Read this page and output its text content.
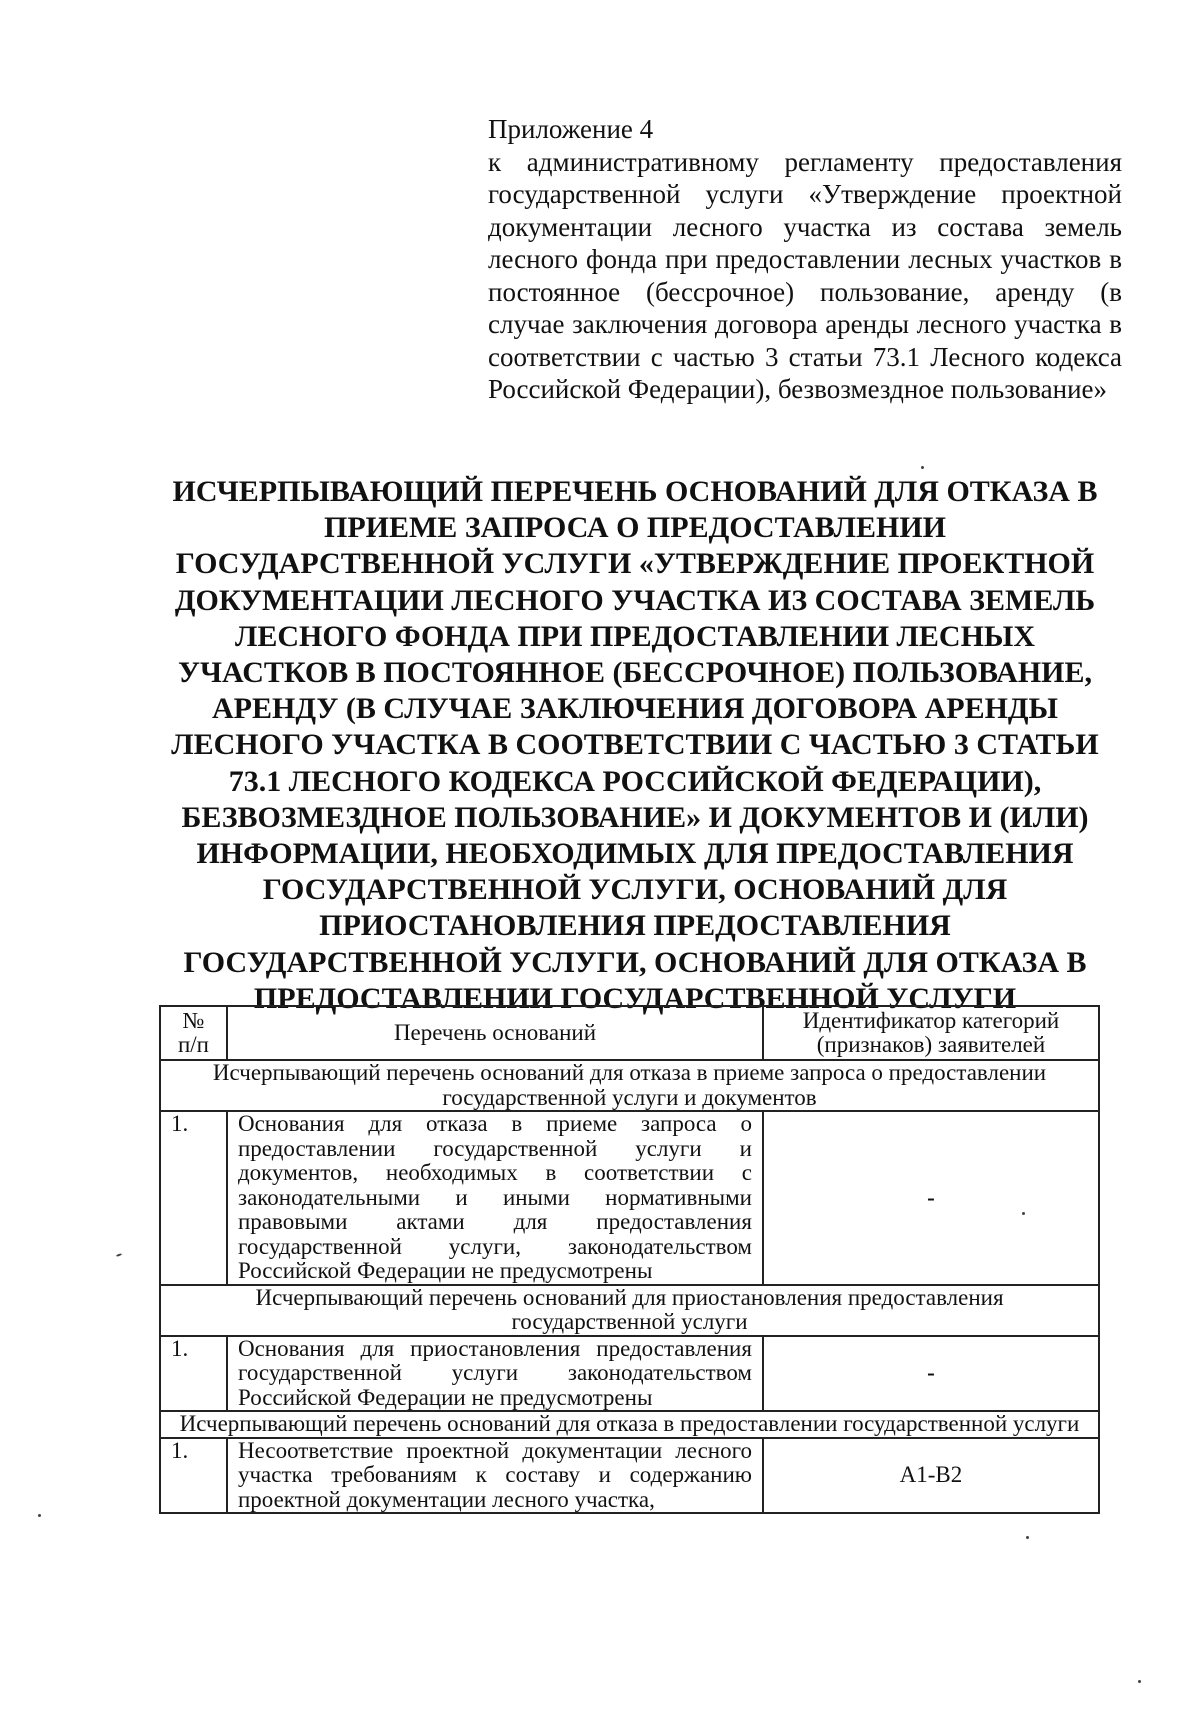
Приложение 4
к административному регламенту предоставления государственной услуги «Утверждение проектной документации лесного участка из состава земель лесного фонда при предоставлении лесных участков в постоянное (бессрочное) пользование, аренду (в случае заключения договора аренды лесного участка в соответствии с частью 3 статьи 73.1 Лесного кодекса Российской Федерации), безвозмездное пользование»
ИСЧЕРПЫВАЮЩИЙ ПЕРЕЧЕНЬ ОСНОВАНИЙ ДЛЯ ОТКАЗА В ПРИЕМЕ ЗАПРОСА О ПРЕДОСТАВЛЕНИИ ГОСУДАРСТВЕННОЙ УСЛУГИ «УТВЕРЖДЕНИЕ ПРОЕКТНОЙ ДОКУМЕНТАЦИИ ЛЕСНОГО УЧАСТКА ИЗ СОСТАВА ЗЕМЕЛЬ ЛЕСНОГО ФОНДА ПРИ ПРЕДОСТАВЛЕНИИ ЛЕСНЫХ УЧАСТКОВ В ПОСТОЯННОЕ (БЕССРОЧНОЕ) ПОЛЬЗОВАНИЕ, АРЕНДУ (В СЛУЧАЕ ЗАКЛЮЧЕНИЯ ДОГОВОРА АРЕНДЫ ЛЕСНОГО УЧАСТКА В СООТВЕТСТВИИ С ЧАСТЬЮ 3 СТАТЬИ 73.1 ЛЕСНОГО КОДЕКСА РОССИЙСКОЙ ФЕДЕРАЦИИ), БЕЗВОЗМЕЗДНОЕ ПОЛЬЗОВАНИЕ» И ДОКУМЕНТОВ И (ИЛИ) ИНФОРМАЦИИ, НЕОБХОДИМЫХ ДЛЯ ПРЕДОСТАВЛЕНИЯ ГОСУДАРСТВЕННОЙ УСЛУГИ, ОСНОВАНИЙ ДЛЯ ПРИОСТАНОВЛЕНИЯ ПРЕДОСТАВЛЕНИЯ ГОСУДАРСТВЕННОЙ УСЛУГИ, ОСНОВАНИЙ ДЛЯ ОТКАЗА В ПРЕДОСТАВЛЕНИИ ГОСУДАРСТВЕННОЙ УСЛУГИ
№ п/п	Перечень оснований	Идентификатор категорий (признаков) заявителей
Исчерпывающий перечень оснований для отказа в приеме запроса о предоставлении государственной услуги и документов		
1.	Основания для отказа в приеме запроса о предоставлении государственной услуги и документов, необходимых в соответствии с законодательными и иными нормативными правовыми актами для предоставления государственной услуги, законодательством Российской Федерации не предусмотрены	-
Исчерпывающий перечень оснований для приостановления предоставления государственной услуги		
1.	Основания для приостановления предоставления государственной услуги законодательством Российской Федерации не предусмотрены	-
Исчерпывающий перечень оснований для отказа в предоставлении государственной услуги		
1.	Несоответствие проектной документации лесного участка требованиям к составу и содержанию проектной документации лесного участка,	А1-В2
